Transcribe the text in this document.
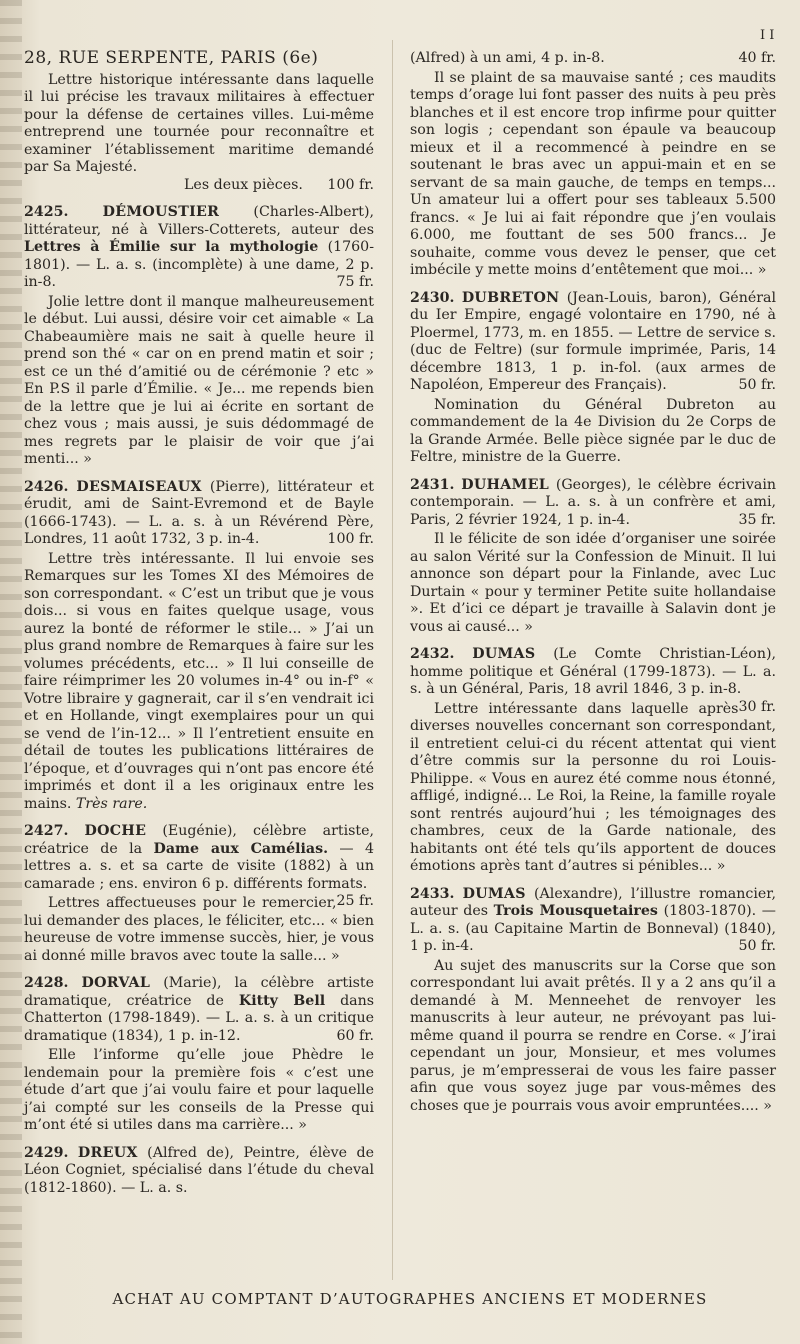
I I
28, RUE SERPENTE, PARIS (6e)
Lettre historique intéressante dans laquelle il lui précise les travaux militaires à effectuer pour la défense de certaines villes. Lui-même entreprend une tournée pour reconnaître et examiner l’établissement maritime demandé par Sa Majesté.
Les deux pièces. 100 fr.
2425. DÉMOUSTIER (Charles-Albert), littérateur, né à Villers-Cotterets, auteur des Lettres à Émilie sur la mythologie (1760-1801). — L. a. s. (incomplète) à une dame, 2 p. in-8.	75 fr.
Jolie lettre dont il manque malheureusement le début. Lui aussi, désire voir cet aimable « La Chabeaumière mais ne sait à quelle heure il prend son thé « car on en prend matin et soir ; est ce un thé d’amitié ou de cérémonie ? etc » En P.S il parle d’Émilie. « Je... me repends bien de la lettre que je lui ai écrite en sortant de chez vous ; mais aussi, je suis dédommagé de mes regrets par le plaisir de voir que j’ai menti... »
2426. DESMAISEAUX (Pierre), littérateur et érudit, ami de Saint-Evremond et de Bayle (1666-1743). — L. a. s. à un Révérend Père, Londres, 11 août 1732, 3 p. in-4.	100 fr.
Lettre très intéressante. Il lui envoie ses Remarques sur les Tomes XI des Mémoires de son correspondant. « C’est un tribut que je vous dois... si vous en faites quelque usage, vous aurez la bonté de réformer le stile... » J’ai un plus grand nombre de Remarques à faire sur les volumes précédents, etc... » Il lui conseille de faire réimprimer les 20 volumes in-4° ou in-f° « Votre libraire y gagnerait, car il s’en vendrait ici et en Hollande, vingt exemplaires pour un qui se vend de l’in-12... » Il l’entretient ensuite en détail de toutes les publications littéraires de l’époque, et d’ouvrages qui n’ont pas encore été imprimés et dont il a les originaux entre les mains. Très rare.
2427. DOCHE (Eugénie), célèbre artiste, créatrice de la Dame aux Camélias. — 4 lettres a. s. et sa carte de visite (1882) à un camarade ; ens. environ 6 p. différents formats.
25 fr.
Lettres affectueuses pour le remercier, lui demander des places, le féliciter, etc... « bien heureuse de votre immense succès, hier, je vous ai donné mille bravos avec toute la salle... »
2428. DORVAL (Marie), la célèbre artiste dramatique, créatrice de Kitty Bell dans Chatterton (1798-1849). — L. a. s. à un critique dramatique (1834), 1 p. in-12.	60 fr.
Elle l’informe qu’elle joue Phèdre le lendemain pour la première fois « c’est une étude d’art que j’ai voulu faire et pour laquelle j’ai compté sur les conseils de la Presse qui m’ont été si utiles dans ma carrière... »
2429. DREUX (Alfred de), Peintre, élève de Léon Cogniet, spécialisé dans l’étude du cheval (1812-1860). — L. a. s.
(Alfred) à un ami, 4 p. in-8.	40 fr.
Il se plaint de sa mauvaise santé ; ces maudits temps d’orage lui font passer des nuits à peu près blanches et il est encore trop infirme pour quitter son logis ; cependant son épaule va beaucoup mieux et il a recommencé à peindre en se soutenant le bras avec un appui-main et en se servant de sa main gauche, de temps en temps... Un amateur lui a offert pour ses tableaux 5.500 francs. « Je lui ai fait répondre que j’en voulais 6.000, me fouttant de ses 500 francs... Je souhaite, comme vous devez le penser, que cet imbécile y mette moins d’entêtement que moi... »
2430. DUBRETON (Jean-Louis, baron), Général du Ier Empire, engagé volontaire en 1790, né à Ploermel, 1773, m. en 1855. — Lettre de service s. (duc de Feltre) (sur formule imprimée, Paris, 14 décembre 1813, 1 p. in-fol. (aux armes de Napoléon, Empereur des Français).	50 fr.
Nomination du Général Dubreton au commandement de la 4e Division du 2e Corps de la Grande Armée. Belle pièce signée par le duc de Feltre, ministre de la Guerre.
2431. DUHAMEL (Georges), le célèbre écrivain contemporain. — L. a. s. à un confrère et ami, Paris, 2 février 1924, 1 p. in-4.	35 fr.
Il le félicite de son idée d’organiser une soirée au salon Vérité sur la Confession de Minuit. Il lui annonce son départ pour la Finlande, avec Luc Durtain « pour y terminer Petite suite hollandaise ». Et d’ici ce départ je travaille à Salavin dont je vous ai causé... »
2432. DUMAS (Le Comte Christian-Léon), homme politique et Général (1799-1873). — L. a. s. à un Général, Paris, 18 avril 1846, 3 p. in-8.
30 fr.
Lettre intéressante dans laquelle après diverses nouvelles concernant son correspondant, il entretient celui-ci du récent attentat qui vient d’être commis sur la personne du roi Louis-Philippe. « Vous en aurez été comme nous étonné, affligé, indigné... Le Roi, la Reine, la famille royale sont rentrés aujourd’hui ; les témoignages des chambres, ceux de la Garde nationale, des habitants ont été tels qu’ils apportent de douces émotions après tant d’autres si pénibles... »
2433. DUMAS (Alexandre), l’illustre romancier, auteur des Trois Mousquetaires (1803-1870). — L. a. s. (au Capitaine Martin de Bonneval) (1840), 1 p. in-4.	50 fr.
Au sujet des manuscrits sur la Corse que son correspondant lui avait prêtés. Il y a 2 ans qu’il a demandé à M. Menneehet de renvoyer les manuscrits à leur auteur, ne prévoyant pas lui-même quand il pourra se rendre en Corse. « J’irai cependant un jour, Monsieur, et mes volumes parus, je m’empresserai de vous les faire passer afin que vous soyez juge par vous-mêmes des choses que je pourrais vous avoir empruntées.... »
ACHAT AU COMPTANT D’AUTOGRAPHES ANCIENS ET MODERNES
